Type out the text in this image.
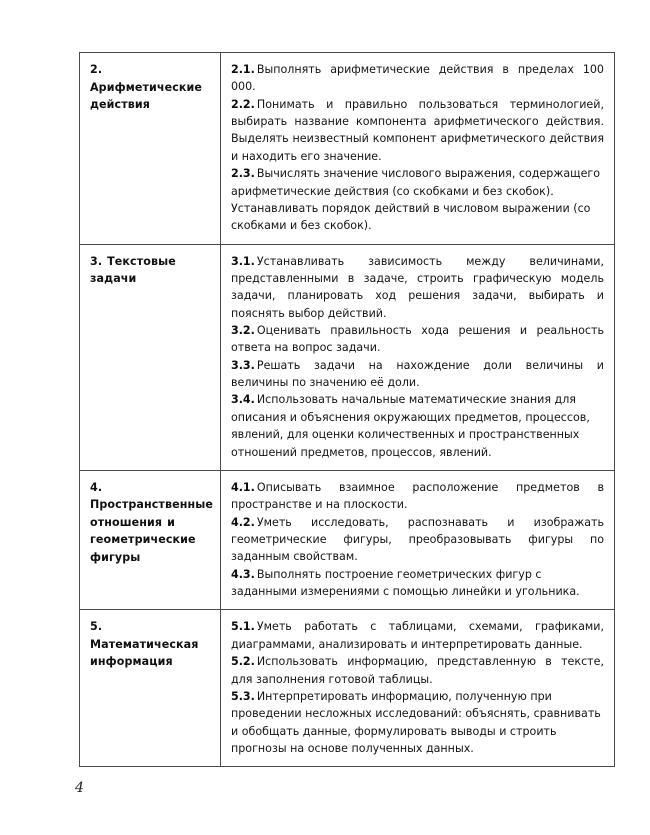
2. Арифметические действия	2.1. Выполнять арифметические действия в пределах 100 000.

2.2. Понимать и правильно пользоваться терминологией, выбирать название компонента арифметического действия. Выделять неизвестный компонент арифметического действия и находить его значение.

2.3. Вычислять значение числового выражения, содержащего арифметические действия (со скобками и без скобок). Устанавливать порядок действий в числовом выражении (со скобками и без скобок).

3. Текстовые задачи	3.1. Устанавливать зависимость между величинами, представленными в задаче, строить графическую модель задачи, планировать ход решения задачи, выбирать и пояснять выбор действий.

3.2. Оценивать правильность хода решения и реальность ответа на вопрос задачи.

3.3. Решать задачи на нахождение доли величины и величины по значению её доли.

3.4. Использовать начальные математические знания для описания и объяснения окружающих предметов, процессов, явлений, для оценки количественных и пространственных отношений предметов, процессов, явлений.

4. Пространственные отношения и геометрические фигуры	4.1. Описывать взаимное расположение предметов в пространстве и на плоскости.

4.2. Уметь исследовать, распознавать и изображать геометрические фигуры, преобразовывать фигуры по заданным свойствам.

4.3. Выполнять построение геометрических фигур с заданными измерениями с помощью линейки и угольника.

5. Математическая информация	5.1. Уметь работать с таблицами, схемами, графиками, диаграммами, анализировать и интерпретировать данные.

5.2. Использовать информацию, представленную в тексте, для заполнения готовой таблицы.

5.3. Интерпретировать информацию, полученную при проведении несложных исследований: объяснять, сравнивать и обобщать данные, формулировать выводы и строить прогнозы на основе полученных данных.

4
